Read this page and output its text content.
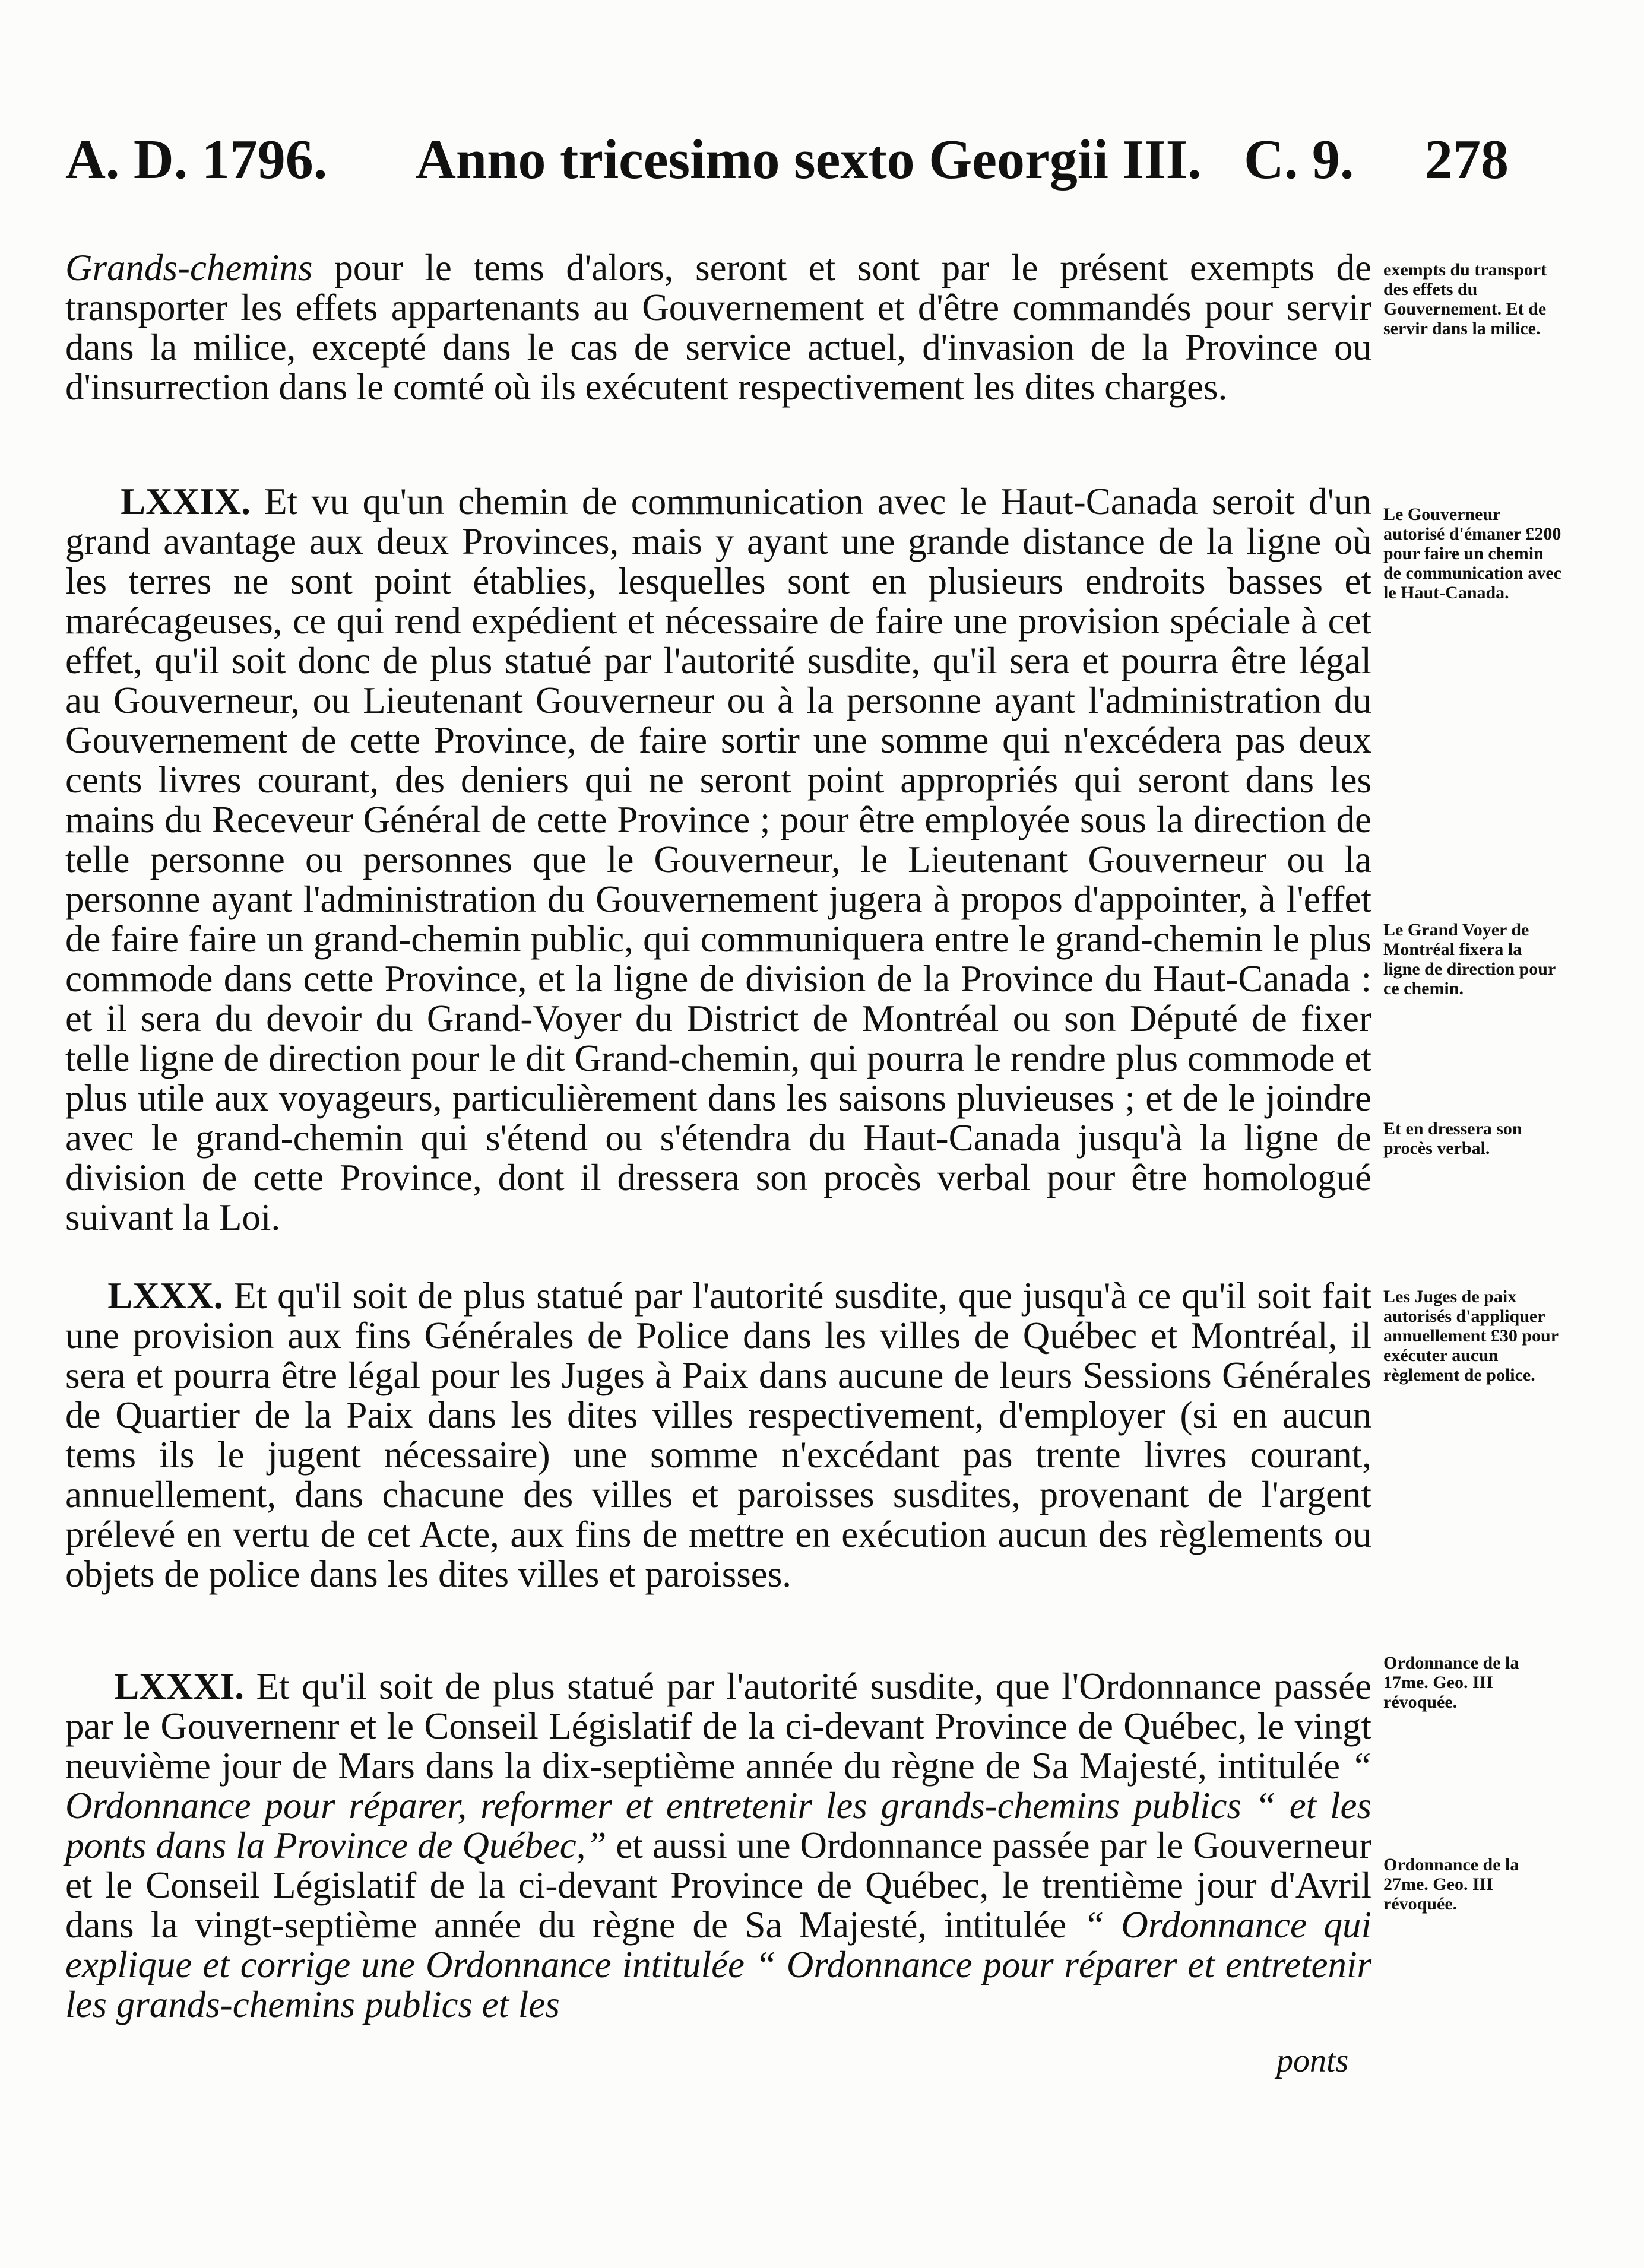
A. D. 1796. Anno tricesimo sexto Georgii III. C. 9. 278

Grands-chemins pour le tems d'alors, seront et sont par le présent exempts de transporter les effets appartenants au Gouvernement et d'être commandés pour servir dans la milice, excepté dans le cas de service actuel, d'invasion de la Province ou d'insurrection dans le comté où ils exécutent respectivement les dites charges.

LXXIX. Et vu qu'un chemin de communication avec le Haut-Canada seroit d'un grand avantage aux deux Provinces, mais y ayant une grande distance de la ligne où les terres ne sont point établies, lesquelles sont en plusieurs endroits basses et marécageuses, ce qui rend expédient et nécessaire de faire une provision spéciale à cet effet, qu'il soit donc de plus statué par l'autorité susdite, qu'il sera et pourra être légal au Gouverneur, ou Lieutenant Gouverneur ou à la personne ayant l'administration du Gouvernement de cette Province, de faire sortir une somme qui n'excédera pas deux cents livres courant, des deniers qui ne seront point appropriés qui seront dans les mains du Receveur Général de cette Province ; pour être employée sous la direction de telle personne ou personnes que le Gouverneur, le Lieutenant Gouverneur ou la personne ayant l'administration du Gouvernement jugera à propos d'appointer, à l'effet de faire faire un grand-chemin public, qui communiquera entre le grand-chemin le plus commode dans cette Province, et la ligne de division de la Province du Haut-Canada : et il sera du devoir du Grand-Voyer du District de Montréal ou son Député de fixer telle ligne de direction pour le dit Grand-chemin, qui pourra le rendre plus commode et plus utile aux voyageurs, particulièrement dans les saisons pluvieuses ; et de le joindre avec le grand-chemin qui s'étend ou s'étendra du Haut-Canada jusqu'à la ligne de division de cette Province, dont il dressera son procès verbal pour être homologué suivant la Loi.

LXXX. Et qu'il soit de plus statué par l'autorité susdite, que jusqu'à ce qu'il soit fait une provision aux fins Générales de Police dans les villes de Québec et Montréal, il sera et pourra être légal pour les Juges à Paix dans aucune de leurs Sessions Générales de Quartier de la Paix dans les dites villes respectivement, d'employer (si en aucun tems ils le jugent nécessaire) une somme n'excédant pas trente livres courant, annuellement, dans chacune des villes et paroisses susdites, provenant de l'argent prélevé en vertu de cet Acte, aux fins de mettre en exécution aucun des règlements ou objets de police dans les dites villes et paroisses.

LXXXI. Et qu'il soit de plus statué par l'autorité susdite, que l'Ordonnance passée par le Gouvernenr et le Conseil Législatif de la ci-devant Province de Québec, le vingt neuvième jour de Mars dans la dix-septième année du règne de Sa Majesté, intitulée “ Ordonnance pour réparer, reformer et entretenir les grands-chemins publics “ et les ponts dans la Province de Québec,” et aussi une Ordonnance passée par le Gouverneur et le Conseil Législatif de la ci-devant Province de Québec, le trentième jour d'Avril dans la vingt-septième année du règne de Sa Majesté, intitulée “ Ordonnance qui explique et corrige une Ordonnance intitulée “ Ordonnance pour réparer et entretenir les grands-chemins publics et les

ponts
exempts du transport des effets du Gouvernement. Et de servir dans la milice.
Le Gouverneur autorisé d'émaner £200 pour faire un chemin de communication avec le Haut-Canada.
Le Grand Voyer de Montréal fixera la ligne de direction pour ce chemin.
Et en dressera son procès verbal.
Les Juges de paix autorisés d'appliquer annuellement £30 pour exécuter aucun règlement de police.
Ordonnance de la 17me. Geo. III révoquée.
Ordonnance de la 27me. Geo. III révoquée.
